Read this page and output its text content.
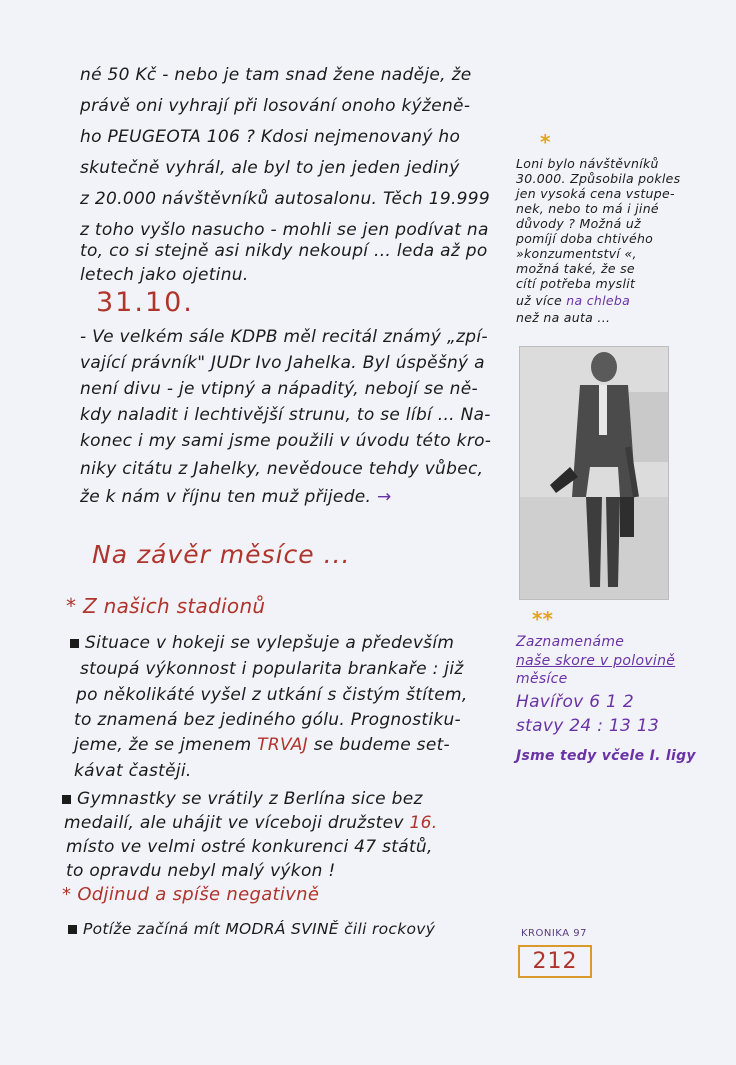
né 50 Kč - nebo je tam snad žene naděje, že
právě oni vyhrají při losování onoho kýženě-
ho PEUGEOTA 106 ? Kdosi nejmenovaný ho
skutečně vyhrál, ale byl to jen jeden jediný
z 20.000 návštěvníků autosalonu. Těch 19.999
z toho vyšlo nasucho - mohli se jen podívat na
to, co si stejně asi nikdy nekoupí ... leda až po
letech jako ojetinu.
31.10.
- Ve velkém sále KDPB měl recitál známý „zpí-
vající právník" JUDr Ivo Jahelka. Byl úspěšný a
není divu - je vtipný a nápaditý, nebojí se ně-
kdy naladit i lechtivější strunu, to se líbí ... Na-
konec i my sami jsme použili v úvodu této kro-
niky citátu z Jahelky, nevědouce tehdy vůbec,
že k nám v říjnu ten muž přijede. →
Na závěr měsíce ...
* Z našich stadionů
Situace v hokeji se vylepšuje a především
stoupá výkonnost i popularita brankaře : již
po několikáté vyšel z utkání s čistým štítem,
to znamená bez jediného gólu. Prognostiku-
jeme, že se jmenem TRVAJ se budeme set-
kávat častěji.
Gymnastky se vrátily z Berlína sice bez
medailí, ale uhájit ve víceboji družstev 16.
místo ve velmi ostré konkurenci 47 států,
to opravdu nebyl malý výkon !
* Odjinud a spíše negativně
Potíže začíná mít MODRÁ SVINĚ čili rockový
*
Loni bylo návštěvníků
30.000. Způsobila pokles
jen vysoká cena vstupe-
nek, nebo to má i jiné
důvody ? Možná už
pomíjí doba chtivého
»konzumentství «,
možná také, že se
cítí potřeba myslit
už více na chleba
než na auta ...
**
Zaznamenáme
naše skore v polovině
měsíce
Havířov 6 1 2
stavy 24 : 13 13
Jsme tedy včele I. ligy
KRONIKA 97
212
